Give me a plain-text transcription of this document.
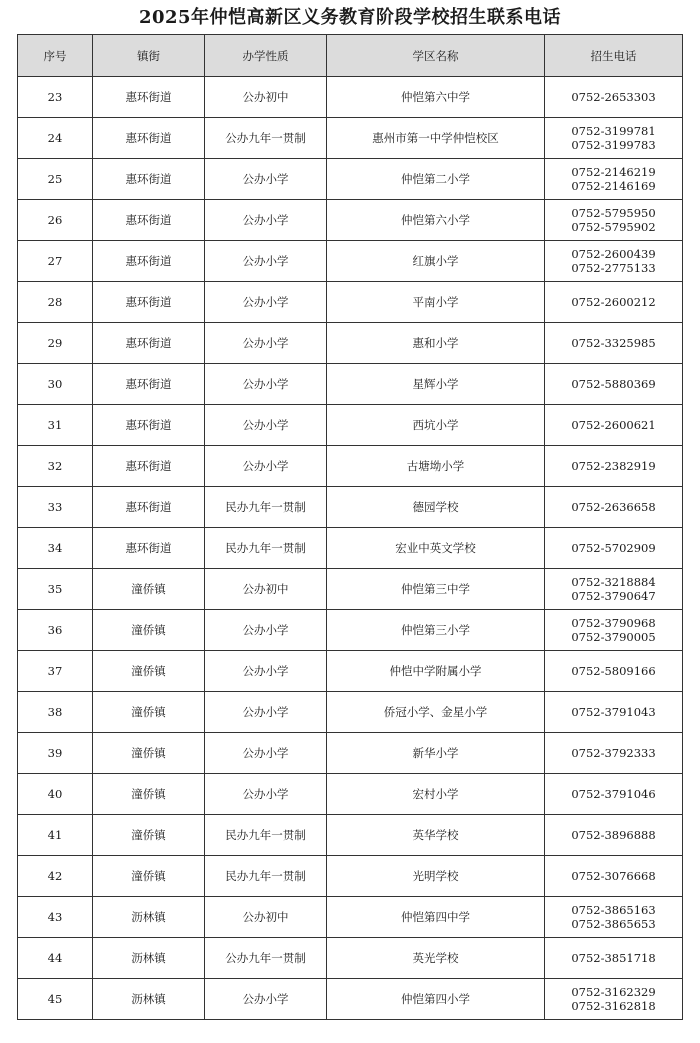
2025年仲恺高新区义务教育阶段学校招生联系电话
序号	镇街	办学性质	学区名称	招生电话
23	惠环街道	公办初中	仲恺第六中学	0752-2653303

24	惠环街道	公办九年一贯制	惠州市第一中学仲恺校区	0752-3199781
0752-3199783

25	惠环街道	公办小学	仲恺第二小学	0752-2146219
0752-2146169

26	惠环街道	公办小学	仲恺第六小学	0752-5795950
0752-5795902

27	惠环街道	公办小学	红旗小学	0752-2600439
0752-2775133

28	惠环街道	公办小学	平南小学	0752-2600212

29	惠环街道	公办小学	惠和小学	0752-3325985

30	惠环街道	公办小学	星辉小学	0752-5880369

31	惠环街道	公办小学	西坑小学	0752-2600621

32	惠环街道	公办小学	古塘坳小学	0752-2382919

33	惠环街道	民办九年一贯制	德园学校	0752-2636658

34	惠环街道	民办九年一贯制	宏业中英文学校	0752-5702909

35	潼侨镇	公办初中	仲恺第三中学	0752-3218884
0752-3790647

36	潼侨镇	公办小学	仲恺第三小学	0752-3790968
0752-3790005

37	潼侨镇	公办小学	仲恺中学附属小学	0752-5809166

38	潼侨镇	公办小学	侨冠小学、金星小学	0752-3791043

39	潼侨镇	公办小学	新华小学	0752-3792333

40	潼侨镇	公办小学	宏村小学	0752-3791046

41	潼侨镇	民办九年一贯制	英华学校	0752-3896888

42	潼侨镇	民办九年一贯制	光明学校	0752-3076668

43	沥林镇	公办初中	仲恺第四中学	0752-3865163
0752-3865653

44	沥林镇	公办九年一贯制	英光学校	0752-3851718

45	沥林镇	公办小学	仲恺第四小学	0752-3162329
0752-3162818
